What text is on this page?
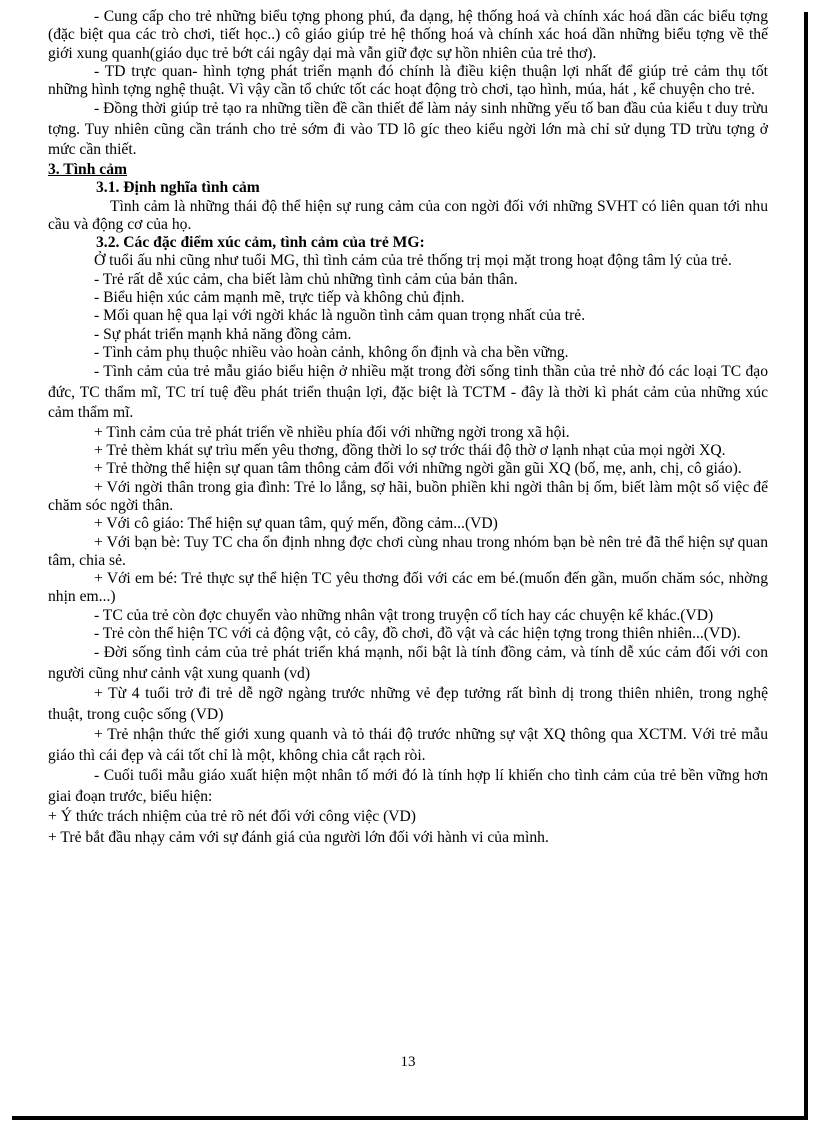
- Cung cấp cho trẻ những biểu tợng phong phú, đa dạng, hệ thống hoá và chính xác hoá dần các biểu tợng (đặc biệt qua các trò chơi, tiết học..) cô giáo giúp trẻ hệ thống hoá và chính xác hoá dần những biểu tợng về thế giới xung quanh(giáo dục trẻ bớt cái ngây dại mà vẫn giữ đợc sự hồn nhiên của trẻ thơ).

- TD trực quan- hình tợng phát triển mạnh đó chính là điều kiện thuận lợi nhất để giúp trẻ cảm thụ tốt những hình tợng nghệ thuật. Vì vậy cần tổ chức tốt các hoạt động trò chơi, tạo hình, múa, hát , kể chuyện cho trẻ.

- Đồng thời giúp trẻ tạo ra những tiền đề cần thiết để làm nảy sinh những yếu tố ban đầu của kiểu t duy trừu tợng. Tuy nhiên cũng cần tránh cho trẻ sớm đi vào TD lô gíc theo kiểu ngời lớn mà chỉ sử dụng TD trừu tợng ở mức cần thiết.

3. Tình cảm

3.1. Định nghĩa tình cảm

Tình cảm là những thái độ thể hiện sự rung cảm của con ngời đối với những SVHT có liên quan tới nhu cầu và động cơ của họ.

3.2. Các đặc điểm xúc cảm, tình cảm của trẻ MG:

Ở tuổi ấu nhi cũng như tuổi MG, thì tình cảm của trẻ thống trị mọi mặt trong hoạt động tâm lý của trẻ.

- Trẻ rất dễ xúc cảm, cha biết làm chủ những tình cảm của bản thân.

- Biểu hiện xúc cảm mạnh mẽ, trực tiếp và không chủ định.

- Mối quan hệ qua lại với ngời khác là nguồn tình cảm quan trọng nhất của trẻ.

- Sự phát triển mạnh khả năng đồng cảm.

- Tình cảm phụ thuộc nhiều vào hoàn cảnh, không ổn định và cha bền vững.

- Tình cảm của trẻ mẫu giáo biểu hiện ở nhiều mặt trong đời sống tinh thần của trẻ nhờ đó các loại TC đạo đức, TC thẩm mĩ, TC trí tuệ đều phát triển thuận lợi, đặc biệt là TCTM - đây là thời kì phát cảm của những xúc cảm thẩm mĩ.

+ Tình cảm của trẻ phát triển về nhiều phía đối với những ngời trong xã hội.

+ Trẻ thèm khát sự trìu mến yêu thơng, đồng thời lo sợ trớc thái độ thờ ơ lạnh nhạt của mọi ngời XQ.

+ Trẻ thờng thể hiện sự quan tâm thông cảm đối với những ngời gần gũi XQ (bố, mẹ, anh, chị, cô giáo).

+ Với ngời thân trong gia đình: Trẻ lo lắng, sợ hãi, buồn phiền khi ngời thân bị ốm, biết làm một số việc để chăm sóc ngời thân.

+ Với cô giáo: Thể hiện sự quan tâm, quý mến, đồng cảm...(VD)

+ Với bạn bè: Tuy TC cha ổn định nhng đợc chơi cùng nhau trong nhóm bạn bè nên trẻ đã thể hiện sự quan tâm, chia sẻ.

+ Với em bé: Trẻ thực sự thể hiện TC yêu thơng đối với các em bé.(muốn đến gần, muốn chăm sóc, nhờng nhịn em...)

- TC của trẻ còn đợc chuyển vào những nhân vật trong truyện cổ tích hay các chuyện kể khác.(VD)

- Trẻ còn thể hiện TC với cả động vật, cỏ cây, đồ chơi, đồ vật và các hiện tợng trong thiên nhiên...(VD).

- Đời sống tình cảm của trẻ phát triển khá mạnh, nổi bật là tính đồng cảm, và tính dễ xúc cảm đối với con người cũng như cảnh vật xung quanh (vd)

+ Từ 4 tuổi trở đi trẻ dễ ngỡ ngàng trước những vẻ đẹp tưởng rất bình dị trong thiên nhiên, trong nghệ thuật, trong cuộc sống (VD)

+ Trẻ nhận thức thế giới xung quanh và tỏ thái độ trước những sự vật XQ thông qua XCTM. Với trẻ mẫu giáo thì cái đẹp và cái tốt chỉ là một, không chia cắt rạch ròi.

- Cuối tuổi mẫu giáo xuất hiện một nhân tố mới đó là tính hợp lí khiến cho tình cảm của trẻ bền vững hơn giai đoạn trước, biểu hiện:

+ Ý thức trách nhiệm của trẻ rõ nét đối với công việc (VD)

+ Trẻ bắt đầu nhạy cảm với sự đánh giá của người lớn đối với hành vi của mình.

13
